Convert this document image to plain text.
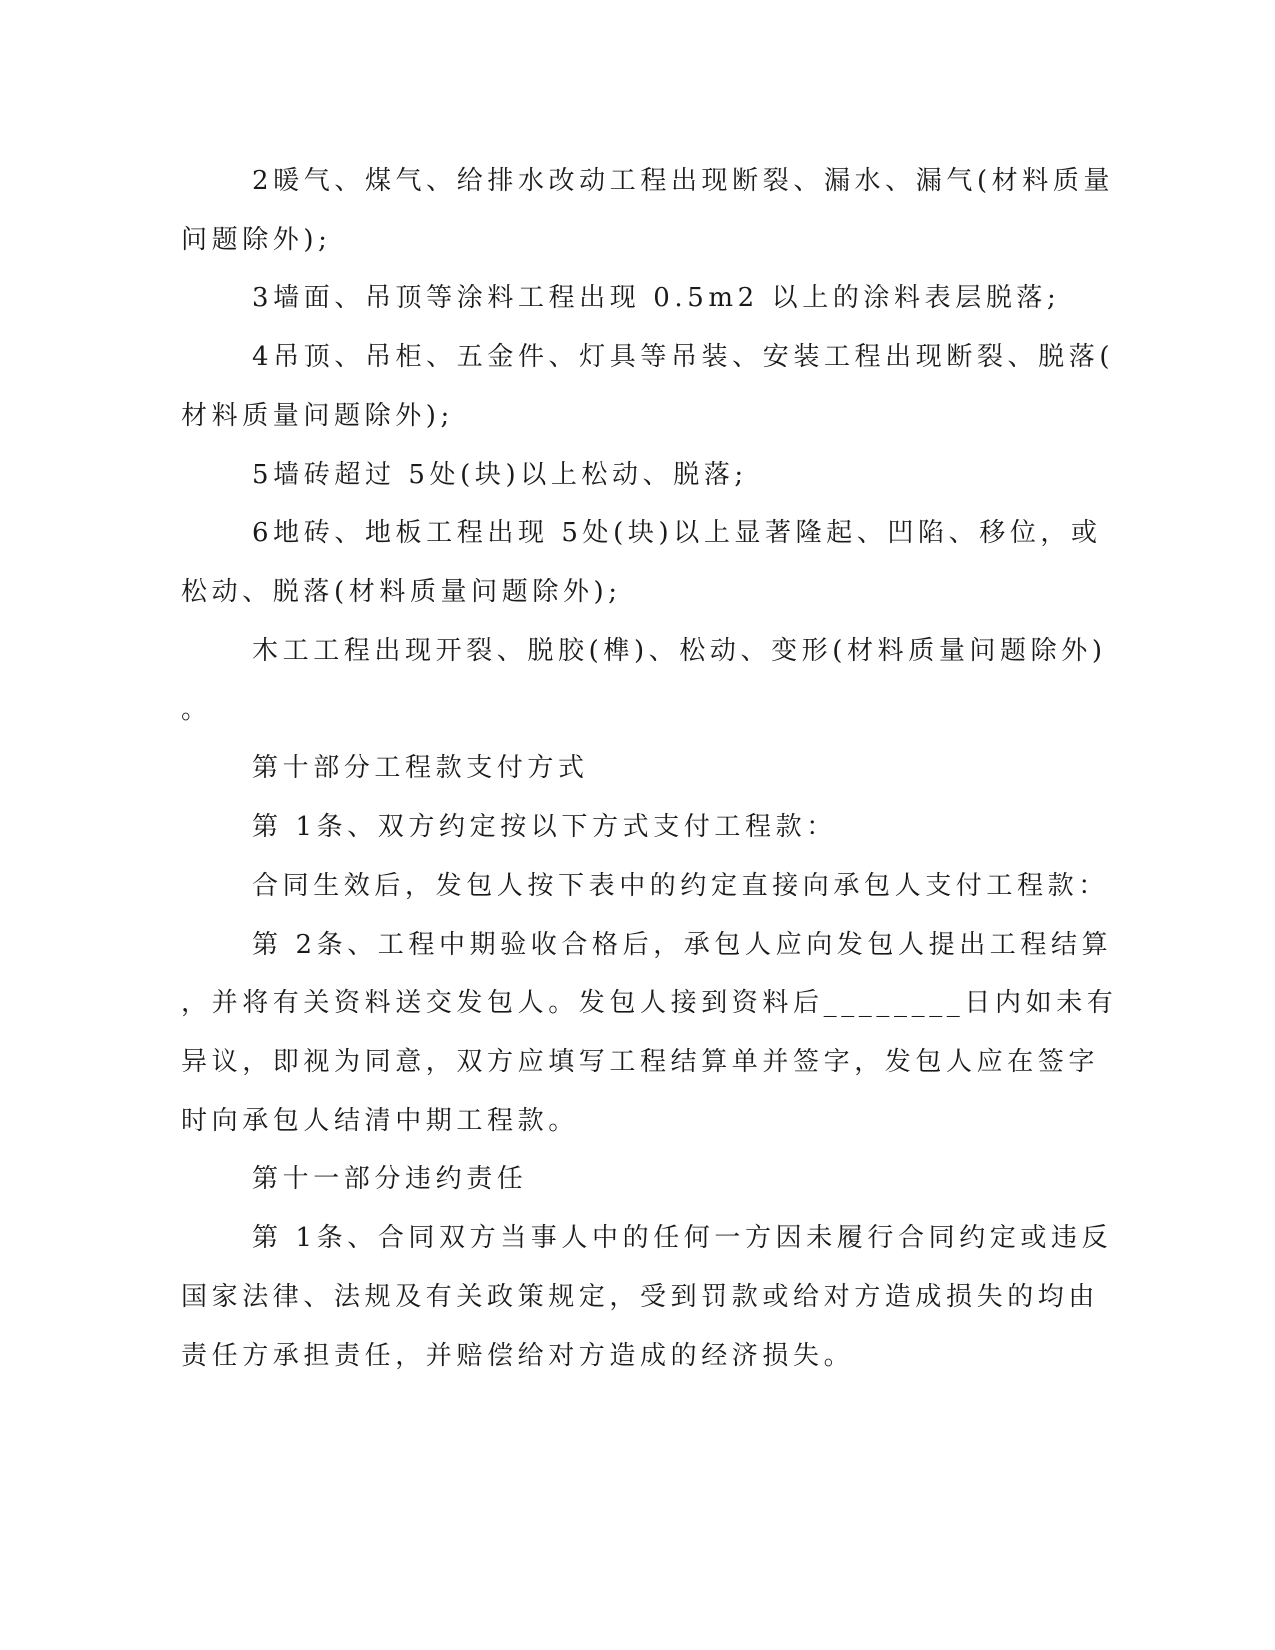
2暖气、煤气、给排水改动工程出现断裂、漏水、漏气(材料质量
问题除外);
3墙面、吊顶等涂料工程出现 0.5m2 以上的涂料表层脱落;
4吊顶、吊柜、五金件、灯具等吊装、安装工程出现断裂、脱落(
材料质量问题除外);
5墙砖超过 5处(块)以上松动、脱落;
6地砖、地板工程出现 5处(块)以上显著隆起、凹陷、移位，或
松动、脱落(材料质量问题除外);
木工工程出现开裂、脱胶(榫)、松动、变形(材料质量问题除外)
。
第十部分工程款支付方式
第 1条、双方约定按以下方式支付工程款：
合同生效后，发包人按下表中的约定直接向承包人支付工程款：
第 2条、工程中期验收合格后，承包人应向发包人提出工程结算
，并将有关资料送交发包人。发包人接到资料后________日内如未有
异议，即视为同意，双方应填写工程结算单并签字，发包人应在签字
时向承包人结清中期工程款。
第十一部分违约责任
第 1条、合同双方当事人中的任何一方因未履行合同约定或违反
国家法律、法规及有关政策规定，受到罚款或给对方造成损失的均由
责任方承担责任，并赔偿给对方造成的经济损失。
